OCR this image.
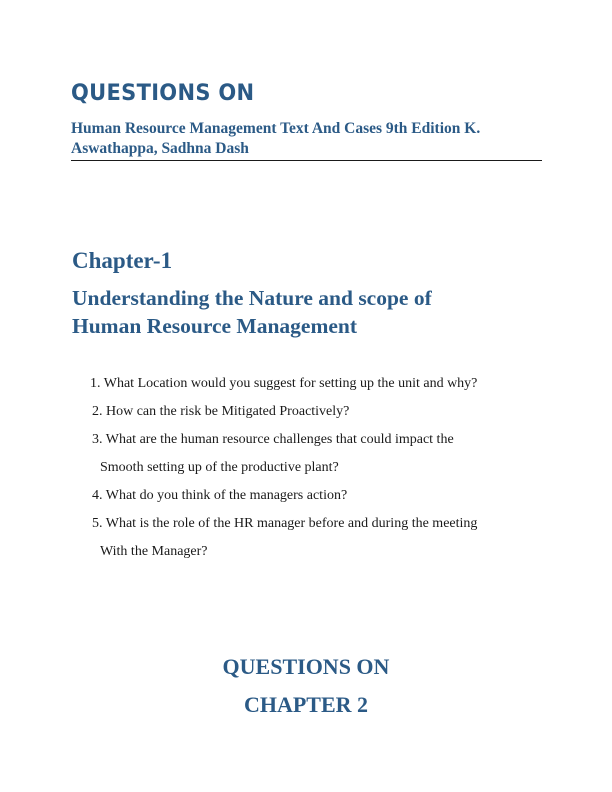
QUESTIONS ON

Human Resource Management Text And Cases 9th Edition K. Aswathappa, Sadhna Dash

Chapter-1
Understanding the Nature and scope of
Human Resource Management
1. What Location would you suggest for setting up the unit and why?
2. How can the risk be Mitigated Proactively?
3. What are the human resource challenges that could impact the
Smooth setting up of the productive plant?
4. What do you think of the managers action?
5. What is the role of the HR manager before and during the meeting
With the Manager?
QUESTIONS ON
CHAPTER 2
